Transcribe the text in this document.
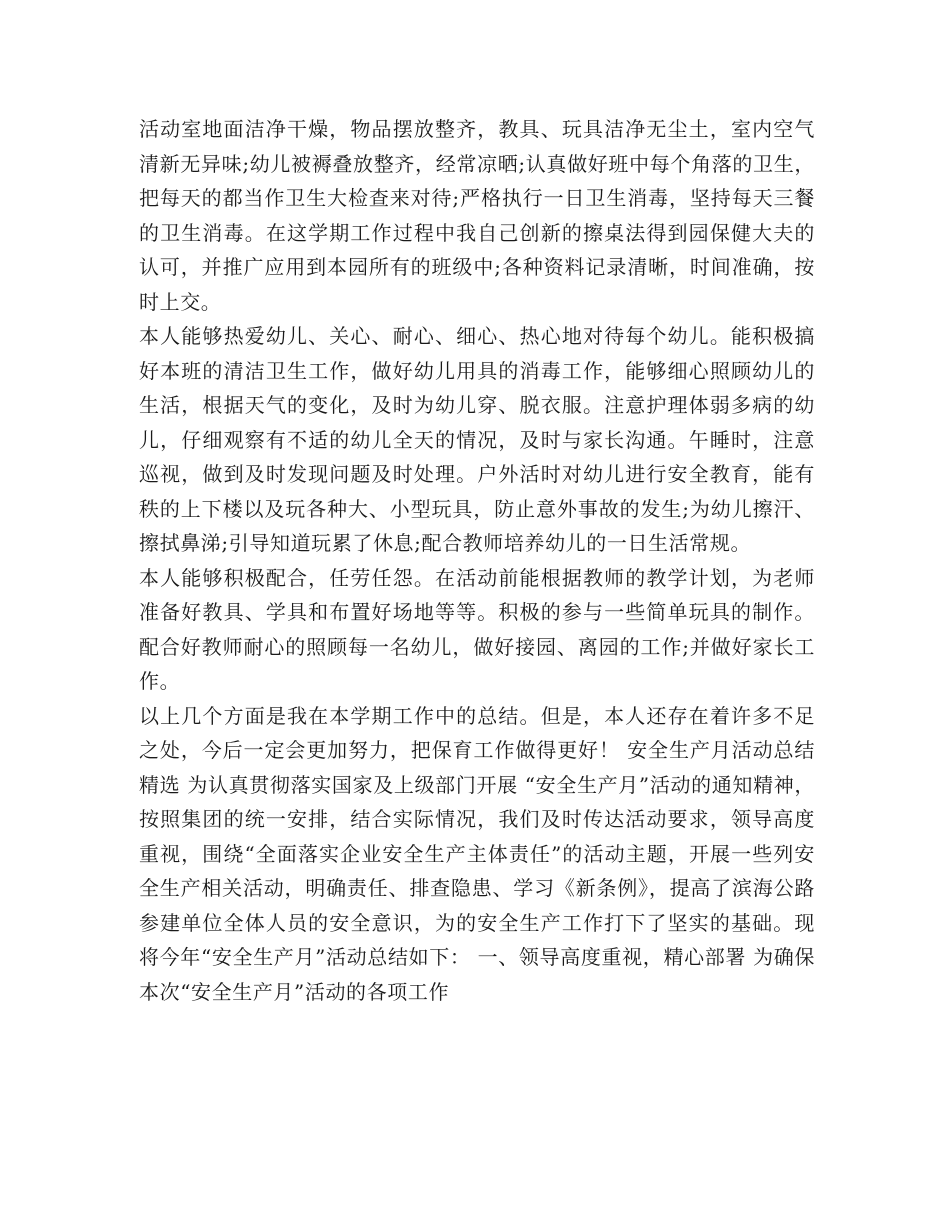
活动室地面洁净干燥，物品摆放整齐，教具、玩具洁净无尘土，室内空气清新无异味;幼儿被褥叠放整齐，经常凉晒;认真做好班中每个角落的卫生，把每天的都当作卫生大检查来对待;严格执行一日卫生消毒，坚持每天三餐的卫生消毒。在这学期工作过程中我自己创新的擦桌法得到园保健大夫的认可，并推广应用到本园所有的班级中;各种资料记录清晰，时间准确，按时上交。

本人能够热爱幼儿、关心、耐心、细心、热心地对待每个幼儿。能积极搞好本班的清洁卫生工作，做好幼儿用具的消毒工作，能够细心照顾幼儿的生活，根据天气的变化，及时为幼儿穿、脱衣服。注意护理体弱多病的幼儿，仔细观察有不适的幼儿全天的情况，及时与家长沟通。午睡时，注意巡视，做到及时发现问题及时处理。户外活时对幼儿进行安全教育，能有秩的上下楼以及玩各种大、小型玩具，防止意外事故的发生;为幼儿擦汗、擦拭鼻涕;引导知道玩累了休息;配合教师培养幼儿的一日生活常规。

本人能够积极配合，任劳任怨。在活动前能根据教师的教学计划，为老师准备好教具、学具和布置好场地等等。积极的参与一些简单玩具的制作。配合好教师耐心的照顾每一名幼儿，做好接园、离园的工作;并做好家长工作。

以上几个方面是我在本学期工作中的总结。但是，本人还存在着许多不足之处，今后一定会更加努力，把保育工作做得更好！ 安全生产月活动总结精选 为认真贯彻落实国家及上级部门开展 “安全生产月”活动的通知精神，按照集团的统一安排，结合实际情况，我们及时传达活动要求，领导高度重视，围绕“全面落实企业安全生产主体责任”的活动主题，开展一些列安全生产相关活动，明确责任、排查隐患、学习《新条例》，提高了滨海公路参建单位全体人员的安全意识，为的安全生产工作打下了坚实的基础。现将今年“安全生产月”活动总结如下： 一、领导高度重视，精心部署 为确保本次“安全生产月”活动的各项工作
